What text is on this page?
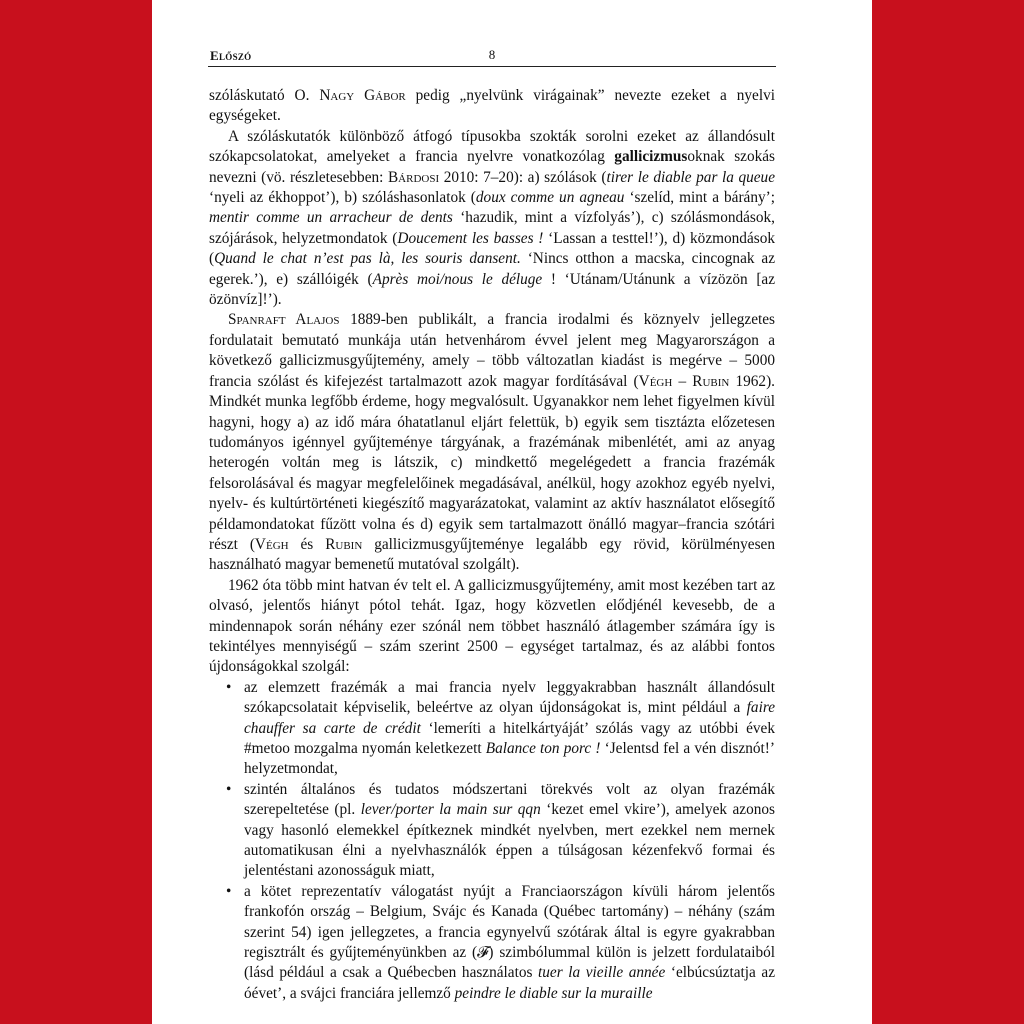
Előszó	8

szóláskutató O. Nagy Gábor pedig „nyelvünk virágainak” nevezte ezeket a nyelvi egységeket.

A szóláskutatók különböző átfogó típusokba szokták sorolni ezeket az állandósult szókapcsolatokat, amelyeket a francia nyelvre vonatkozólag gallicizmusoknak szokás nevezni (vö. részletesebben: Bárdosi 2010: 7–20): a) szólások (tirer le diable par la queue ‘nyeli az ékhoppot’), b) szóláshasonlatok (doux comme un agneau ‘szelíd, mint a bárány’; mentir comme un arracheur de dents ‘hazudik, mint a vízfolyás’), c) szólásmondások, szójárások, helyzetmondatok (Doucement les basses ! ‘Lassan a testtel!’), d) közmondások (Quand le chat n’est pas là, les souris dansent. ‘Nincs otthon a macska, cincognak az egerek.’), e) szállóigék (Après moi/nous le déluge ! ‘Utánam/Utánunk a vízözön [az özönvíz]!’).

Spanraft Alajos 1889-ben publikált, a francia irodalmi és köznyelv jellegzetes fordulatait bemutató munkája után hetvenhárom évvel jelent meg Magyarországon a következő gallicizmusgyűjtemény, amely – több változatlan kiadást is megérve – 5000 francia szólást és kifejezést tartalmazott azok magyar fordításával (Végh – Rubin 1962). Mindkét munka legfőbb érdeme, hogy megvalósult. Ugyanakkor nem lehet figyelmen kívül hagyni, hogy a) az idő mára óhatatlanul eljárt felettük, b) egyik sem tisztázta előzetesen tudományos igénnyel gyűjteménye tárgyának, a frazémának mibenlétét, ami az anyag heterogén voltán meg is látszik, c) mindkettő megelégedett a francia frazémák felsorolásával és magyar megfelelőinek megadásával, anélkül, hogy azokhoz egyéb nyelvi, nyelv- és kultúrtörténeti kiegészítő magyarázatokat, valamint az aktív használatot elősegítő példamondatokat fűzött volna és d) egyik sem tartalmazott önálló magyar–francia szótári részt (Végh és Rubin gallicizmusgyűjteménye legalább egy rövid, körülményesen használható magyar bemenetű mutatóval szolgált).

1962 óta több mint hatvan év telt el. A gallicizmusgyűjtemény, amit most kezében tart az olvasó, jelentős hiányt pótol tehát. Igaz, hogy közvetlen elődjénél kevesebb, de a mindennapok során néhány ezer szónál nem többet használó átlagember számára így is tekintélyes mennyiségű – szám szerint 2500 – egységet tartalmaz, és az alábbi fontos újdonságokkal szolgál:

• az elemzett frazémák a mai francia nyelv leggyakrabban használt állandósult szókapcsolatait képviselik, beleértve az olyan újdonságokat is, mint például a faire chauffer sa carte de crédit ‘lemeríti a hitelkártyáját’ szólás vagy az utóbbi évek #metoo mozgalma nyomán keletkezett Balance ton porc ! ‘Jelentsd fel a vén disznót!’ helyzetmondat,
• szintén általános és tudatos módszertani törekvés volt az olyan frazémák szerepeltetése (pl. lever/porter la main sur qqn ‘kezet emel vkire’), amelyek azonos vagy hasonló elemekkel építkeznek mindkét nyelvben, mert ezekkel nem mernek automatikusan élni a nyelvhasználók éppen a túlságosan kézenfekvő formai és jelentéstani azonosságuk miatt,
• a kötet reprezentatív válogatást nyújt a Franciaországon kívüli három jelentős frankofón ország – Belgium, Svájc és Kanada (Québec tartomány) – néhány (szám szerint 54) igen jellegzetes, a francia egynyelvű szótárak által is egyre gyakrabban regisztrált és gyűjteményünkben az (𝓕) szimbólummal külön is jelzett fordulataiból (lásd például a csak a Québecben használatos tuer la vieille année ‘elbúcsúztatja az óévet’, a svájci franciára jellemző peindre le diable sur la muraille
